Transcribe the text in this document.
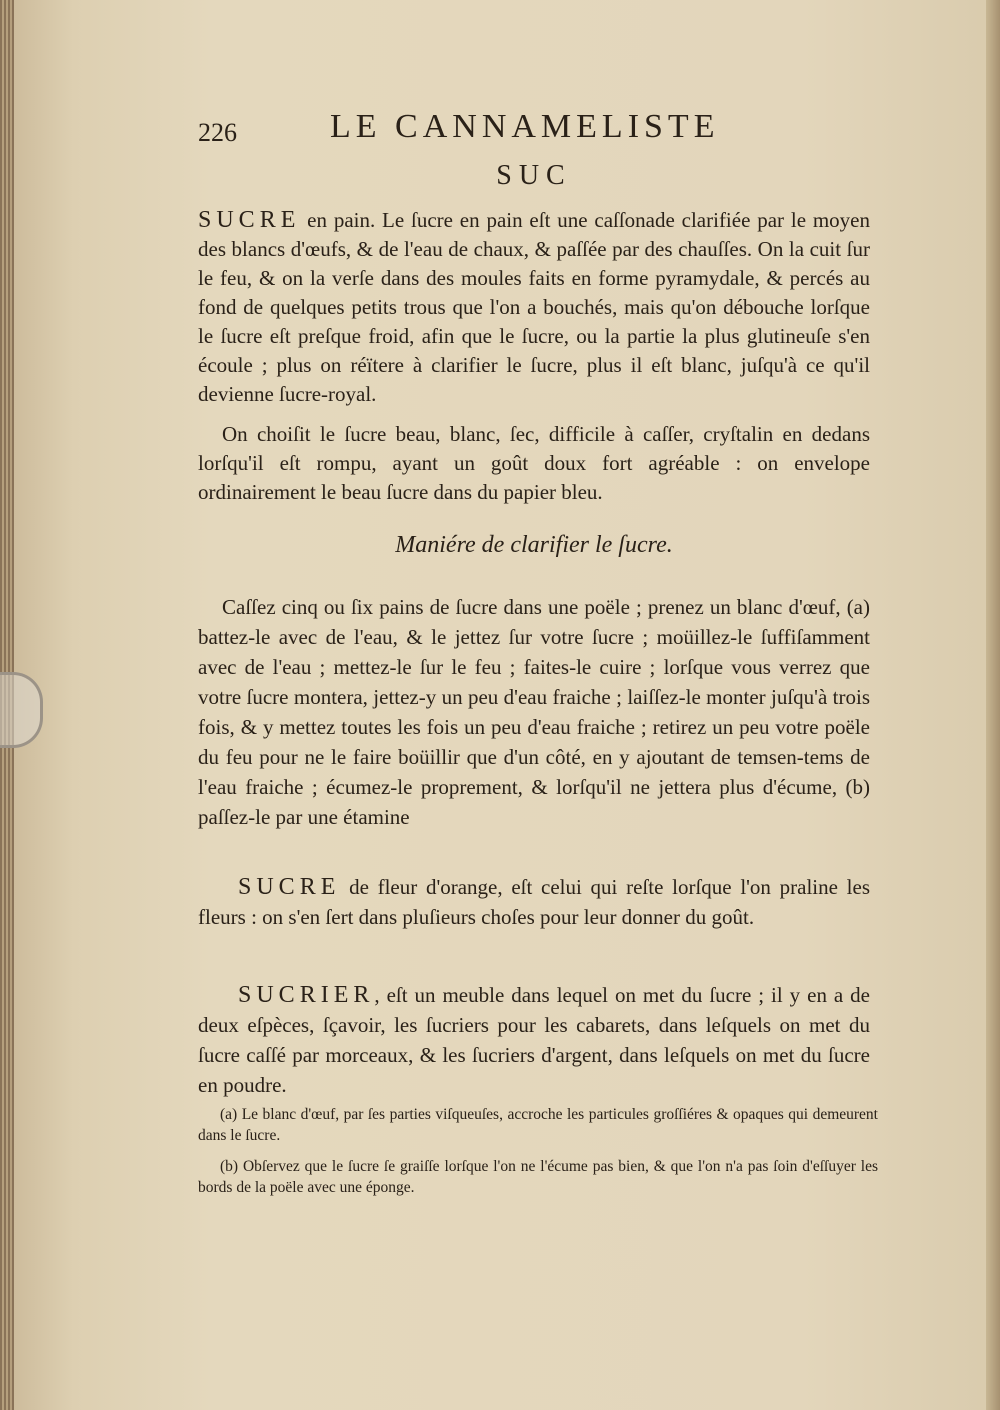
226	LE CANNAMELISTE
SUC
SUCRE en pain. Le ſucre en pain eſt une caſſonade clarifiée par le moyen des blancs d'œufs, & de l'eau de chaux, & paſſée par des chauſſes. On la cuit ſur le feu, & on la verſe dans des moules faits en forme pyramydale, & percés au fond de quelques petits trous que l'on a bouchés, mais qu'on débouche lorſque le ſucre eſt preſque froid, afin que le ſucre, ou la partie la plus glutineuſe s'en écoule ; plus on réïtere à clarifier le ſucre, plus il eſt blanc, juſqu'à ce qu'il devienne ſucre-royal.
On choiſit le ſucre beau, blanc, ſec, difficile à caſſer, cryſtalin en dedans lorſqu'il eſt rompu, ayant un goût doux fort agréable : on envelope ordinairement le beau ſucre dans du papier bleu.
Maniére de clarifier le ſucre.
Caſſez cinq ou ſix pains de ſucre dans une poële ; prenez un blanc d'œuf, (a) battez-le avec de l'eau, & le jettez ſur votre ſucre ; moüillez-le ſuffiſamment avec de l'eau ; mettez-le ſur le feu ; faites-le cuire ; lorſque vous verrez que votre ſucre montera, jettez-y un peu d'eau fraiche ; laiſſez-le monter juſqu'à trois fois, & y mettez toutes les fois un peu d'eau fraiche ; retirez un peu votre poële du feu pour ne le faire boüillir que d'un côté, en y ajoutant de temsen-tems de l'eau fraiche ; écumez-le proprement, & lorſqu'il ne jettera plus d'écume, (b) paſſez-le par une étamine
SUCRE de fleur d'orange, eſt celui qui reſte lorſque l'on praline les fleurs : on s'en ſert dans pluſieurs choſes pour leur donner du goût.
SUCRIER, eſt un meuble dans lequel on met du ſucre ; il y en a de deux eſpèces, ſçavoir, les ſucriers pour les cabarets, dans leſquels on met du ſucre caſſé par morceaux, & les ſucriers d'argent, dans leſquels on met du ſucre en poudre.
(a) Le blanc d'œuf, par ſes parties viſqueuſes, accroche les particules groſſiéres & opaques qui demeurent dans le ſucre.
(b) Obſervez que le ſucre ſe graiſſe lorſque l'on ne l'écume pas bien, & que l'on n'a pas ſoin d'eſſuyer les bords de la poële avec une éponge.
